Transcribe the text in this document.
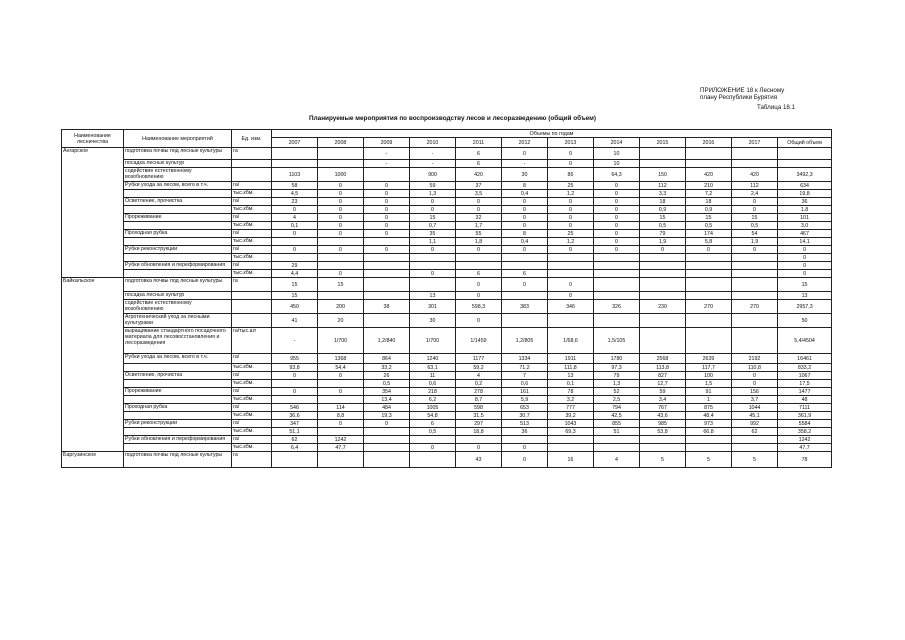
ПРИЛОЖЕНИЕ 18 к Лесному
плану Республики Бурятия
Таблица 18.1
Планируемые мероприятия по воспроизводству лесов и лесоразведению (общий объем)
Наименование лесничества	Наименование мероприятий	Ед. изм.	Объемы по годам											
			2007	2008	2009	2010	2011	2012	2013	2014	2015	2016	2017	Общий объем
Ангарское	подготовка почвы под лесные культуры	га			-	-	6	0	0	10				
	посадка лесных культур				-	-	6	-	0	10				
	содействие естественному возобновлению		1103	1000		900	420	30	86	64,3	150	420	420	3492,3
	Рубки ухода за лесом, всего в т.ч.	га/	58	0	0	59	37	8	25	0	112	210	112	634
		тыс.кбм.	4,5	0	0	1,3	3,5	0,4	1,2	0	3,3	7,2	2,4	19,8
	Осветление, прочистка	га/	23	0	0	0	0	0	0	0	18	18	0	36
		тыс.кбм.	0	0	0	0	0	0	0	0	0,9	0,9	0	1,8
	Прореживание	га/	4	0	0	15	32	0	0	0	15	15	15	101
		тыс.кбм.	0,1	0	0	0,7	1,7	0	0	0	0,5	0,5	0,5	3,0
	Проходная рубка	га/	0	0	0	35	55	8	25	0	79	174	54	467
		тыс.кбм.				1,1	1,8	0,4	1,2	0	1,9	5,8	1,9	14,1
	Рубки реконструкции	га/	0	0	0	0	0	0	0	0	0	0	0	0
		тыс.кбм.												0
	Рубки обновления и переформирования	га/	29											0
		тыс.кбм.	4,4	0		0	6	6						0
Байкальское	подготовка почвы под лесные культуры	га	15	15			0	0	0					15
	посадка лесных культур		15			13	0		0					13
	содействие естественному возобновлению		450	200	38	301	598,3	383	346	326	230	270	270	2957,3
	Агротехнический уход за лесными культурами		41	20		30	0							50
	выращивание стандартного посадочного материала для лесовосстановления и лесоразведения	га/тыс.шт	-	1/700	1,2/840	1/700	1/1459	1,2/805	1/68,6	1,5/105				5,4/4504
	Рубки ухода за лесом, всего в т.ч.	га/	955	1368	864	1240	1177	1334	1911	1780	2568	2639	2192	16461
		тыс.кбм.	93,8	54,4	33,2	63,1	59,2	71,2	111,8	97,3	113,8	117,7	110,8	833,2
	Осветление, прочистка	га/	0	0	26	11	4	7	13	79	827	100	0	1067
		тыс.кбм.			0,5	0,6	0,2	0,6	0,1	1,3	12,7	1,5	0	17,5
	Прореживание	га/	0	0	354	218	278	161	78	52	59	91	156	1477
		тыс.кбм.			13,4	6,2	8,7	5,9	3,2	2,5	3,4	1	3,7	48
	Проходная рубка	га/	546	114	484	1005	598	653	777	794	767	875	1044	7111
		тыс.кбм.	36,6	8,8	19,3	54,8	31,5	30,7	39,2	42,5	43,6	48,4	45,1	361,9
	Рубки реконструкции	га/	347	0	0	6	297	513	1043	855	985	973	992	5584
		тыс.кбм.	51,1			0,5	18,8	36	69,3	51	53,8	66,8	62	358,2
	Рубки обновления и переформирования	га/	62	1242										1242
		тыс.кбм.	6,4	47,7		0	0	0						47,7
Баргузинское	подготовка почвы под лесные культуры	га					43	0	16	4	5	5	5	78
